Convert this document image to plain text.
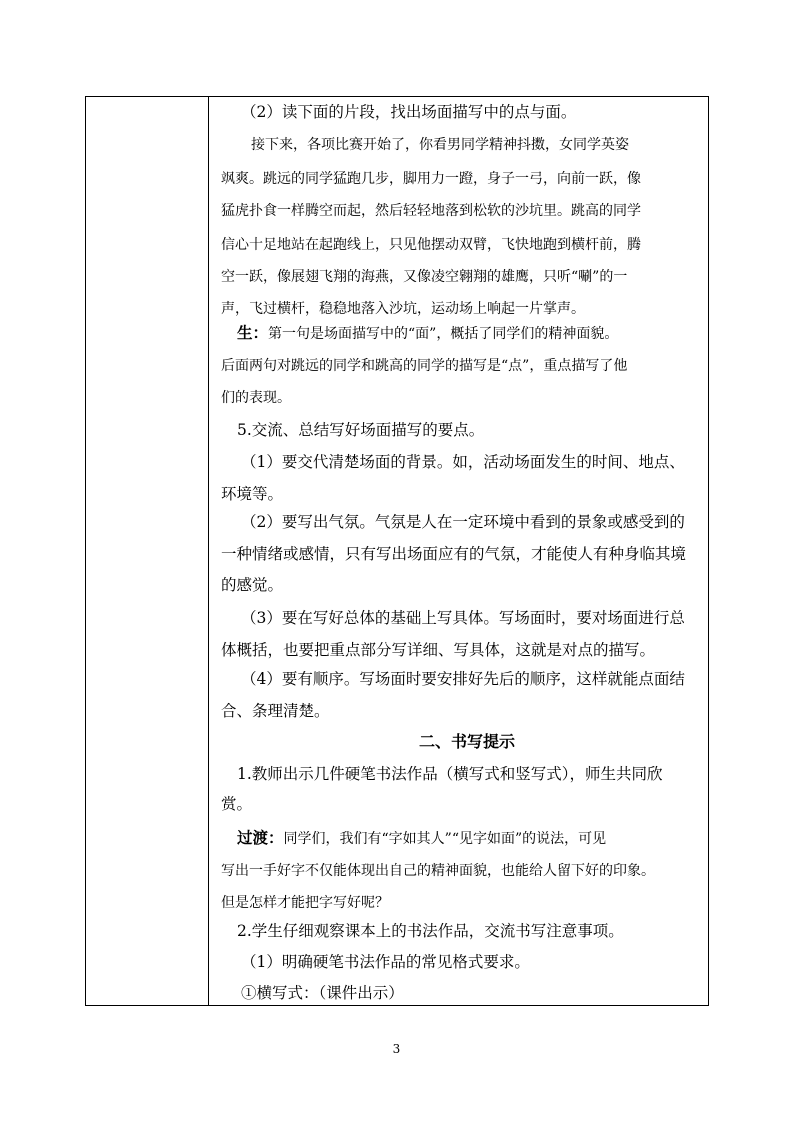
（2）读下面的片段，找出场面描写中的点与面。
接下来，各项比赛开始了，你看男同学精神抖擞，女同学英姿
飒爽。跳远的同学猛跑几步，脚用力一蹬，身子一弓，向前一跃，像
猛虎扑食一样腾空而起，然后轻轻地落到松软的沙坑里。跳高的同学
信心十足地站在起跑线上，只见他摆动双臂，飞快地跑到横杆前，腾
空一跃，像展翅飞翔的海燕，又像凌空翱翔的雄鹰，只听“唰”的一
声，飞过横杆，稳稳地落入沙坑，运动场上响起一片掌声。
生：第一句是场面描写中的“面”，概括了同学们的精神面貌。
后面两句对跳远的同学和跳高的同学的描写是“点”，重点描写了他
们的表现。
5.交流、总结写好场面描写的要点。
（1）要交代清楚场面的背景。如，活动场面发生的时间、地点、
环境等。
（2）要写出气氛。气氛是人在一定环境中看到的景象或感受到的
一种情绪或感情，只有写出场面应有的气氛，才能使人有种身临其境
的感觉。
（3）要在写好总体的基础上写具体。写场面时，要对场面进行总
体概括，也要把重点部分写详细、写具体，这就是对点的描写。
（4）要有顺序。写场面时要安排好先后的顺序，这样就能点面结
合、条理清楚。
二、书写提示
1.教师出示几件硬笔书法作品（横写式和竖写式），师生共同欣
赏。
过渡：同学们，我们有“字如其人”“见字如面”的说法，可见
写出一手好字不仅能体现出自己的精神面貌，也能给人留下好的印象。
但是怎样才能把字写好呢？
2.学生仔细观察课本上的书法作品，交流书写注意事项。
（1）明确硬笔书法作品的常见格式要求。
①横写式：（课件出示）
3
